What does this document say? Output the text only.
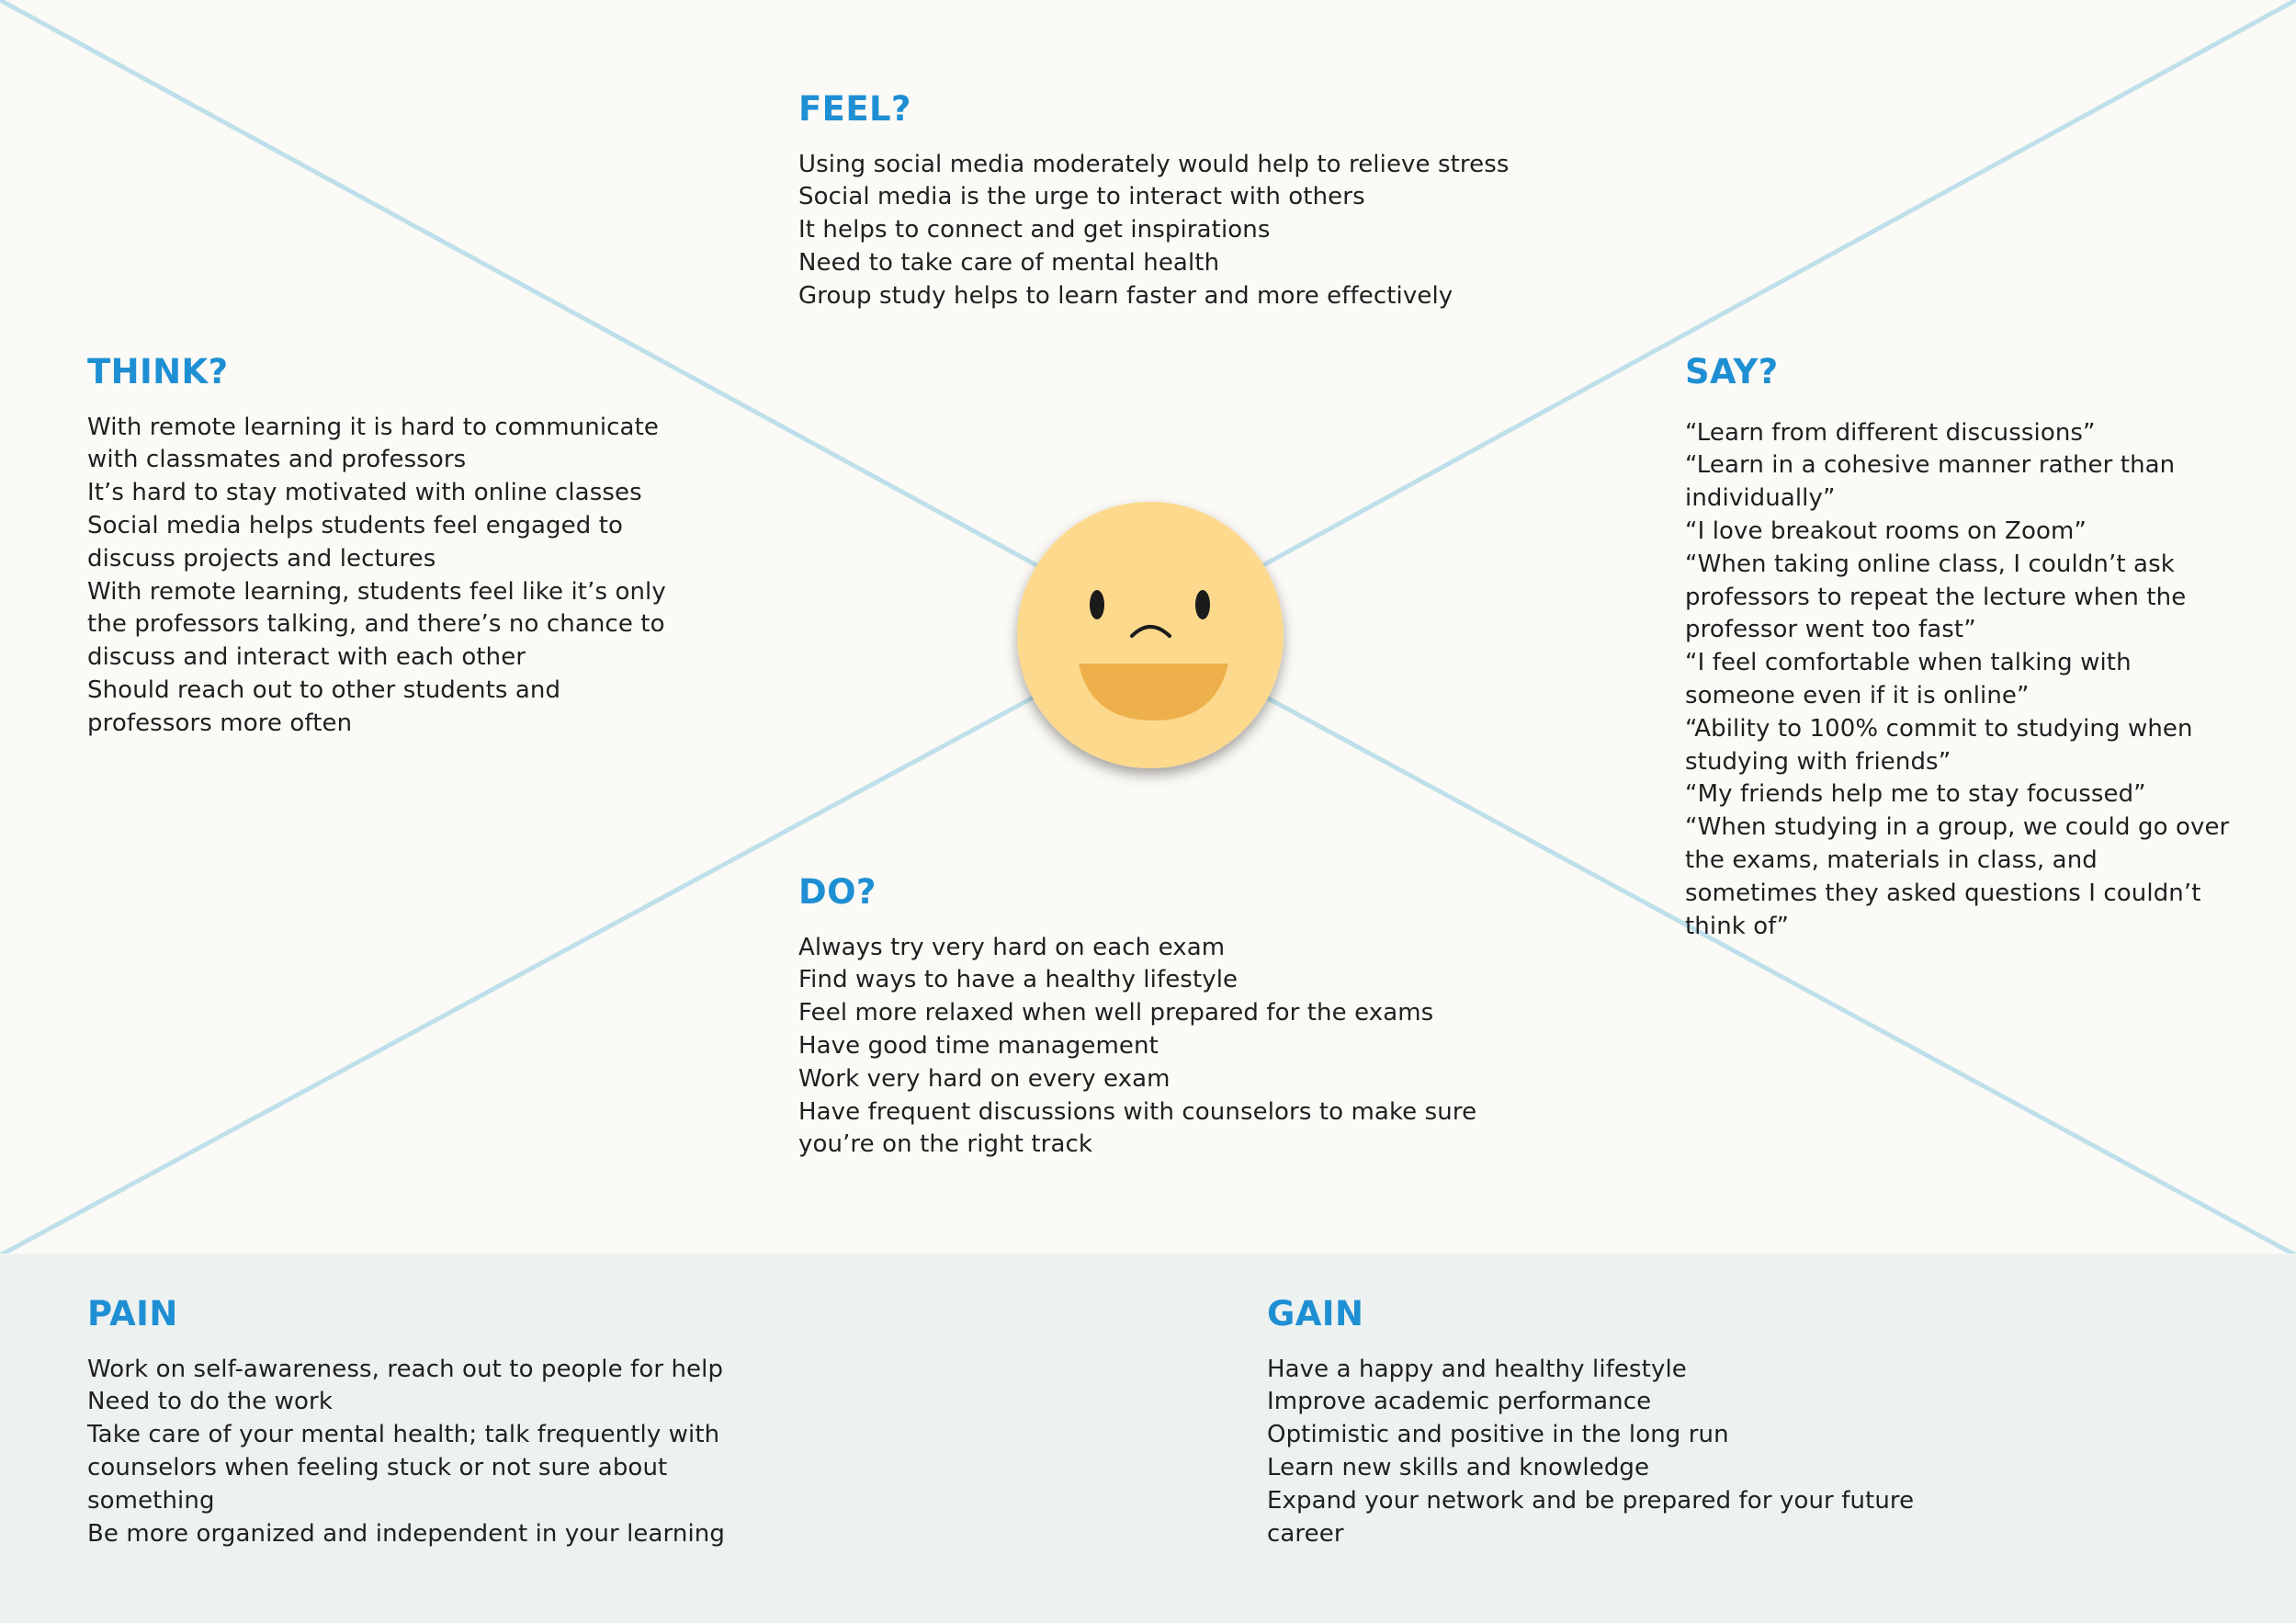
FEEL?
Using social media moderately would help to relieve stress
Social media is the urge to interact with others
It helps to connect and get inspirations
Need to take care of mental health
Group study helps to learn faster and more effectively
THINK?
With remote learning it is hard to communicate with classmates and professors
It’s hard to stay motivated with online classes
Social media helps students feel engaged to discuss projects and lectures
With remote learning, students feel like it’s only the professors talking, and there’s no chance to discuss and interact with each other
Should reach out to other students and professors more often
SAY?
“Learn from different discussions”
“Learn in a cohesive manner rather than individually”
“I love breakout rooms on Zoom”
“When taking online class, I couldn’t ask professors to repeat the lecture when the professor went too fast”
“I feel comfortable when talking with someone even if it is online”
“Ability to 100% commit to studying when studying with friends”
“My friends help me to stay focussed”
“When studying in a group, we could go over the exams, materials in class, and sometimes they asked questions I couldn’t think of”
DO?
Always try very hard on each exam
Find ways to have a healthy lifestyle
Feel more relaxed when well prepared for the exams
Have good time management
Work very hard on every exam
Have frequent discussions with counselors to make sure you’re on the right track
PAIN
Work on self-awareness, reach out to people for help
Need to do the work
Take care of your mental health; talk frequently with counselors when feeling stuck or not sure about something
Be more organized and independent in your learning
GAIN
Have a happy and healthy lifestyle
Improve academic performance
Optimistic and positive in the long run
Learn new skills and knowledge
Expand your network and be prepared for your future career
